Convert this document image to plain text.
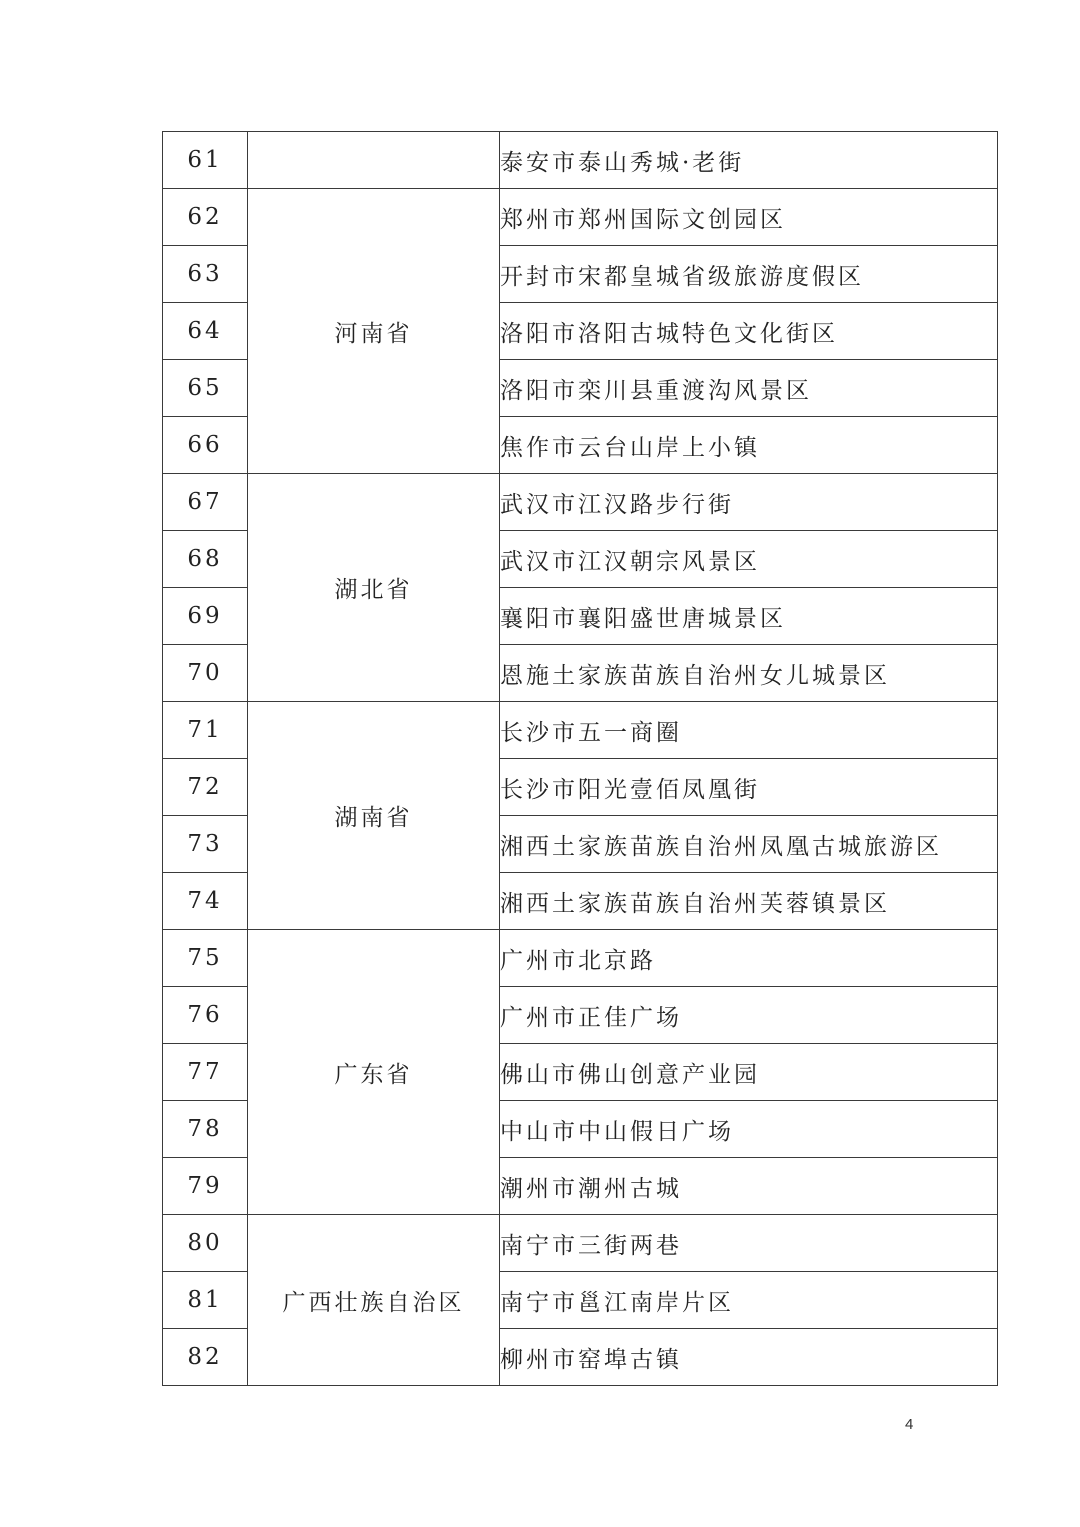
61		泰安市泰山秀城·老街
62	河南省	郑州市郑州国际文创园区
63		开封市宋都皇城省级旅游度假区
64		洛阳市洛阳古城特色文化街区
65		洛阳市栾川县重渡沟风景区
66		焦作市云台山岸上小镇
67	湖北省	武汉市江汉路步行街
68		武汉市江汉朝宗风景区
69		襄阳市襄阳盛世唐城景区
70		恩施土家族苗族自治州女儿城景区
71	湖南省	长沙市五一商圈
72		长沙市阳光壹佰凤凰街
73		湘西土家族苗族自治州凤凰古城旅游区
74		湘西土家族苗族自治州芙蓉镇景区
75	广东省	广州市北京路
76		广州市正佳广场
77		佛山市佛山创意产业园
78		中山市中山假日广场
79		潮州市潮州古城
80	广西壮族自治区	南宁市三街两巷
81		南宁市邕江南岸片区
82		柳州市窑埠古镇
4
